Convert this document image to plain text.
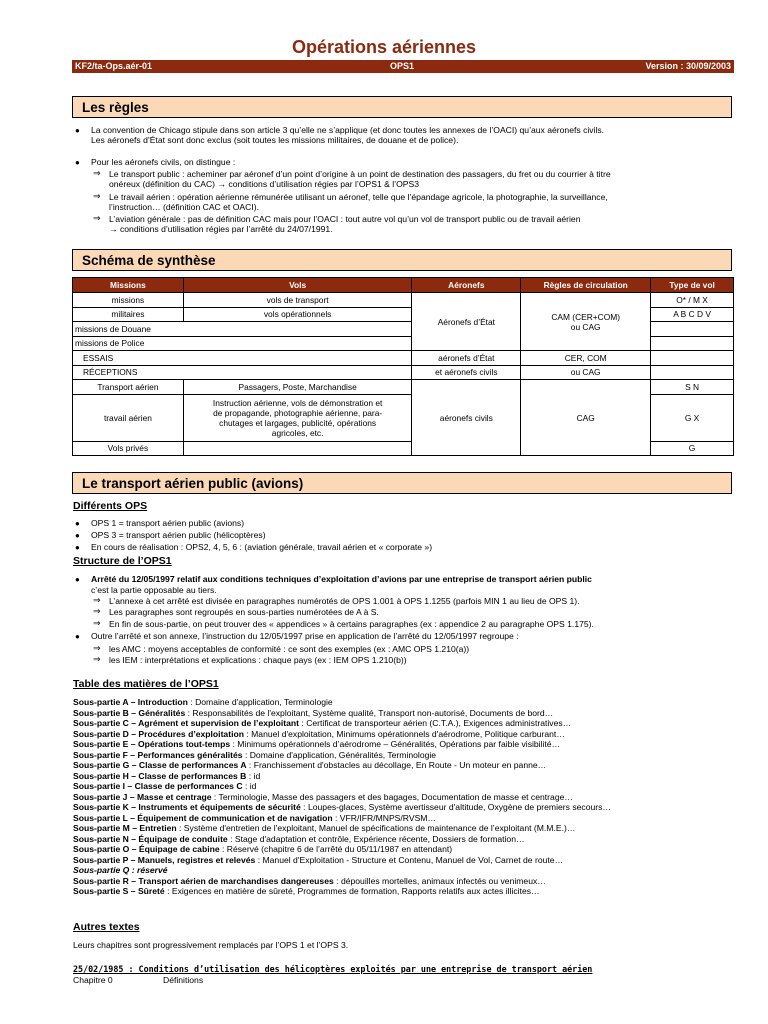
Opérations aériennes
KF2/ta-Ops.aér-01	OPS1	Version : 30/09/2003
Les règles
● La convention de Chicago stipule dans son article 3 qu’elle ne s’applique (et donc toutes les annexes de l’OACI) qu’aux aéronefs civils.
Les aéronefs d’État sont donc exclus (soit toutes les missions militaires, de douane et de police).
● Pour les aéronefs civils, on distingue :
⇒ Le transport public : acheminer par aéronef d’un point d’origine à un point de destination des passagers, du fret ou du courrier à titre
onéreux (définition du CAC) → conditions d’utilisation régies par l’OPS1 & l’OPS3
⇒ Le travail aérien : opération aérienne rémunérée utilisant un aéronef, telle que l’épandage agricole, la photographie, la surveillance,
l’instruction… (définition CAC et OACI).
⇒ L’aviation générale : pas de définition CAC mais pour l’OACI : tout autre vol qu’un vol de transport public ou de travail aérien
→ conditions d’utilisation régies par l’arrêté du 24/07/1991.
Schéma de synthèse
Missions	Vols	Aéronefs	Règles de circulation	Type de vol
missions	vols de transport	Aéronefs d’État	CAM (CER+COM) ou CAG	O* / M X
militaires	vols opérationnels			A B C D V
missions de Douane				
missions de Police				
ESSAIS		aéronefs d’État	CER, COM	
RÉCEPTIONS		et aéronefs civils	ou CAG	
Transport aérien	Passagers, Poste, Marchandise	aéronefs civils	CAG	S N
travail aérien	Instruction aérienne, vols de démonstration et
de propagande, photographie aérienne, para-
chutages et largages, publicité, opérations
agricoles, etc.			G X
Vols privés				G
Le transport aérien public (avions)
Différents OPS
● OPS 1 = transport aérien public (avions)
● OPS 3 = transport aérien public (hélicoptères)
● En cours de réalisation : OPS2, 4, 5, 6 : (aviation générale, travail aérien et « corporate »)
Structure de l’OPS1
● Arrêté du 12/05/1997 relatif aux conditions techniques d’exploitation d’avions par une entreprise de transport aérien public
c’est la partie opposable au tiers.
⇒ L’annexe à cet arrêté est divisée en paragraphes numérotés de OPS 1.001 à OPS 1.1255 (parfois MIN 1 au lieu de OPS 1).
⇒ Les paragraphes sont regroupés en sous-parties numérotées de A à S.
⇒ En fin de sous-partie, on peut trouver des « appendices » à certains paragraphes (ex : appendice 2 au paragraphe OPS 1.175).
● Outre l’arrêté et son annexe, l’instruction du 12/05/1997 prise en application de l’arrêté du 12/05/1997 regroupe :
⇒ les AMC : moyens acceptables de conformité : ce sont des exemples (ex : AMC OPS 1.210(a))
⇒ les IEM : interprétations et explications : chaque pays (ex : IEM OPS 1.210(b))
Table des matières de l’OPS1
Sous-partie A – Introduction : Domaine d'application, Terminologie
Sous-partie B – Généralités : Responsabilités de l'exploitant, Système qualité, Transport non-autorisé, Documents de bord…
Sous-partie C – Agrément et supervision de l’exploitant : Certificat de transporteur aérien (C.T.A.), Exigences administratives…
Sous-partie D – Procédures d’exploitation : Manuel d'exploitation, Minimums opérationnels d'aérodrome, Politique carburant…
Sous-partie E – Opérations tout-temps : Minimums opérationnels d’aérodrome – Généralités, Opérations par faible visibilité…
Sous-partie F – Performances généralités : Domaine d'application, Généralités, Terminologie
Sous-partie G – Classe de performances A : Franchissement d'obstacles au décollage, En Route - Un moteur en panne…
Sous-partie H – Classe de performances B : id
Sous-partie I – Classe de performances C : id
Sous-partie J – Masse et centrage : Terminologie, Masse des passagers et des bagages, Documentation de masse et centrage…
Sous-partie K – Instruments et équipements de sécurité : Loupes-glaces, Système avertisseur d'altitude, Oxygène de premiers secours…
Sous-partie L – Équipement de communication et de navigation : VFR/IFR/MNPS/RVSM…
Sous-partie M – Entretien : Système d'entretien de l'exploitant, Manuel de spécifications de maintenance de l’exploitant (M.M.E.)…
Sous-partie N – Équipage de conduite : Stage d'adaptation et contrôle, Expérience récente, Dossiers de formation…
Sous-partie O – Équipage de cabine : Réservé (chapitre 6 de l’arrêté du 05/11/1987 en attendant)
Sous-partie P – Manuels, registres et relevés : Manuel d'Exploitation - Structure et Contenu, Manuel de Vol, Carnet de route…
Sous-partie Q : réservé
Sous-partie R – Transport aérien de marchandises dangereuses : dépouilles mortelles, animaux infectés ou venimeux…
Sous-partie S – Sûreté : Exigences en matière de sûreté, Programmes de formation, Rapports relatifs aux actes illicites…
Autres textes
Leurs chapitres sont progressivement remplacés par l’OPS 1 et l’OPS 3.
25/02/1985 : Conditions d’utilisation des hélicoptères exploités par une entreprise de transport aérien
Chapitre 0	Définitions
